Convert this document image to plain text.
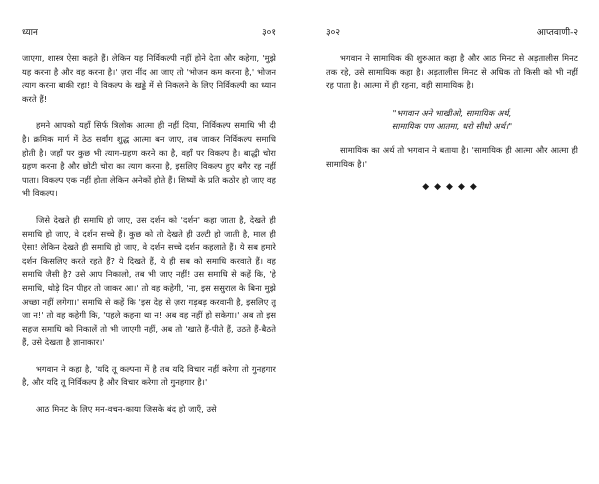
ध्यान	३०१

जाएगा, शास्त्र ऐसा कहते हैं। लेकिन यह निर्विकल्पी नहीं होने देता और कहेगा, 'मुझे यह करना है और वह करना है।' ज़रा नींद आ जाए तो 'भोजन कम करना है,' भोजन त्याग करना बाकी रहा! ये विकल्प के खड्डे में से निकलने के लिए निर्विकल्पी का ध्यान करते हैं!

हमने आपको यहाँ सिर्फ त्रिलोक आत्मा ही नहीं दिया, निर्विकल्प समाधि भी दी है। क्रमिक मार्ग में ठेठ सर्वांग शुद्ध आत्मा बन जाए, तब जाकर निर्विकल्प समाधि होती है। जहाँ पर कुछ भी त्याग-ग्रहण करने का है, वहाँ पर विकल्प है। बाद्धी चोरा ग्रहण करना है और छोटी चोरा का त्याग करना है, इसलिए विकल्प हुए बगैर रह नहीं पाता। विकल्प एक नहीं होता लेकिन अनेकों होते हैं। शिष्यों के प्रति कठोर हो जाए वह भी विकल्प।

जिसे देखते ही समाधि हो जाए, उस दर्शन को 'दर्शन' कहा जाता है, देखते ही समाधि हो जाए, वे दर्शन सच्चे हैं। कुछ को तो देखते ही उल्टी हो जाती है, माल ही ऐसा! लेकिन देखते ही समाधि हो जाए, वे दर्शन सच्चे दर्शन कहलाते हैं। ये सब हमारे दर्शन किसलिए करते रहते हैं? ये दिखते हैं, ये ही सब को समाधि करवाते हैं। वह समाधि जैसी है? उसे आप निकालो, तब भी जाए नहीं! उस समाधि से कहें कि, 'हे समाधि, थोड़े दिन पीहर तो जाकर आ।' तो वह कहेगी, 'ना, इस ससुराल के बिना मुझे अच्छा नहीं लगेगा।' समाधि से कहें कि 'इस देह से ज़रा गड़बड़ करवानी है, इसलिए तू जा न!' तो वह कहेगी कि, 'पहले कहना था न! अब वह नहीं हो सकेगा।' अब तो इस सहज समाधि को निकालें तो भी जाएगी नहीं, अब तो 'खाते हैं-पीते हैं, उठते हैं-बैठते हैं, उसे देखता है ज्ञानाकार।'

भगवान ने कहा है, 'यदि तू कल्पना में है तब यदि विचार नहीं करेगा तो गुनहगार है, और यदि तू निर्विकल्प है और विचार करेगा तो गुनहगार है।'

आठ मिनट के लिए मन-वचन-काया जिसके बंद हो जाएँ, उसे

३०२	आप्तवाणी-२

भगवान ने सामायिक की शुरुआत कहा है और आठ मिनट से अड़तालीस मिनट तक रहे, उसे सामायिक कहा है। अड़तालीस मिनट से अधिक तो किसी को भी नहीं रह पाता है। आत्मा में ही रहना, वही सामायिक है।

"भगवान अने भाखीओ, सामायिक अर्थ,
सामायिक पण आतमा, धरो सीधो अर्थ।"

सामायिक का अर्थ तो भगवान ने बताया है। 'सामायिक ही आत्मा और आत्मा ही सामायिक है।'

◆◆◆◆◆
